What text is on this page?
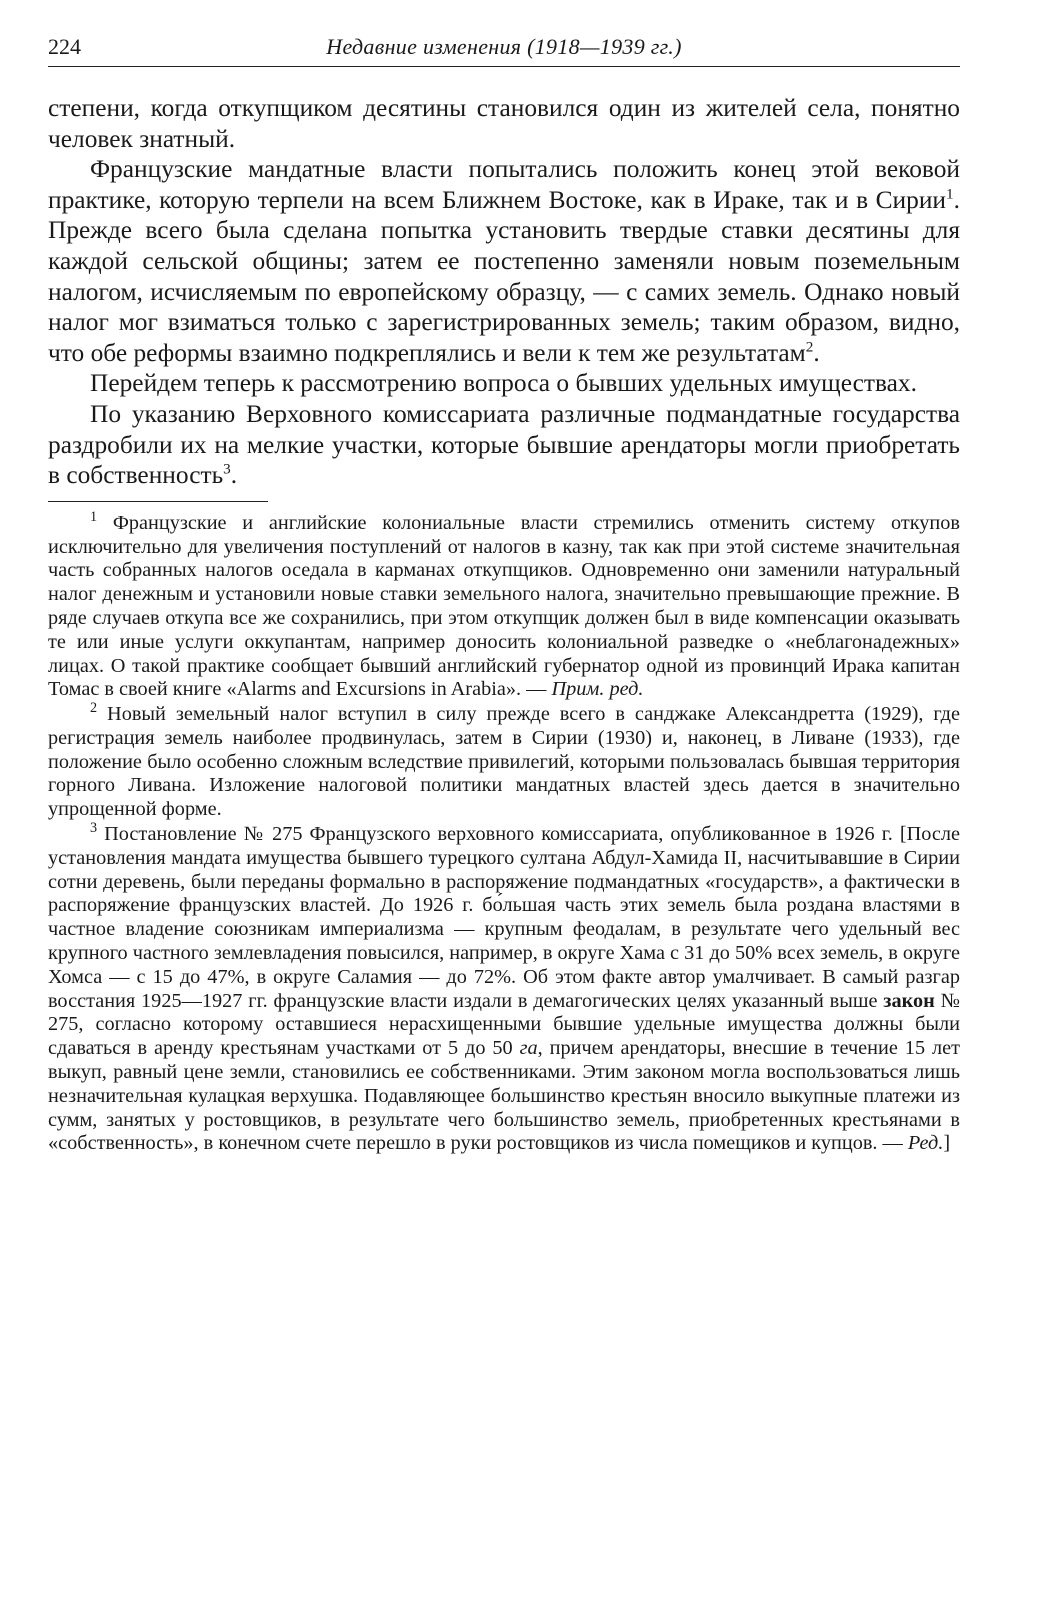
224	Недавние изменения (1918—1939 гг.)

степени, когда откупщиком десятины становился один из жителей села, понятно человек знатный.

Французские мандатные власти попытались положить конец этой вековой практике, которую терпели на всем Ближнем Востоке, как в Ираке, так и в Сирии$^1$. Прежде всего была сделана попытка установить твердые ставки десятины для каждой сельской общины; затем ее постепенно заменяли новым поземельным налогом, исчисляемым по европейскому образцу, — с самих земель. Однако новый налог мог взиматься только с зарегистрированных земель; таким образом, видно, что обе реформы взаимно подкреплялись и вели к тем же результатам$^2$.

Перейдем теперь к рассмотрению вопроса о бывших удельных имуществах.

По указанию Верховного комиссариата различные подмандатные государства раздробили их на мелкие участки, которые бывшие арендаторы могли приобретать в собственность$^3$.

$^1$ Французские и английские колониальные власти стремились отменить систему откупов исключительно для увеличения поступлений от налогов в казну, так как при этой системе значительная часть собранных налогов оседала в карманах откупщиков. Одновременно они заменили натуральный налог денежным и установили новые ставки земельного налога, значительно превышающие прежние. В ряде случаев откупа все же сохранились, при этом откупщик должен был в виде компенсации оказывать те или иные услуги оккупантам, например доносить колониальной разведке о «неблагонадежных» лицах. О такой практике сообщает бывший английский губернатор одной из провинций Ирака капитан Томас в своей книге «Alarms and Excursions in Arabia». — Прим. ред.

$^2$ Новый земельный налог вступил в силу прежде всего в санджаке Александретта (1929), где регистрация земель наиболее продвинулась, затем в Сирии (1930) и, наконец, в Ливане (1933), где положение было особенно сложным вследствие привилегий, которыми пользовалась бывшая территория горного Ливана. Изложение налоговой политики мандатных властей здесь дается в значительно упрощенной форме.

$^3$ Постановление № 275 Французского верховного комиссариата, опубликованное в 1926 г. [После установления мандата имущества бывшего турецкого султана Абдул-Хамида II, насчитывавшие в Сирии сотни деревень, были переданы формально в распоряжение подмандатных «государств», а фактически в распоряжение французских властей. До 1926 г. бо́льшая часть этих земель была роздана властями в частное владение союзникам империализма — крупным феодалам, в результате чего удельный вес крупного частного землевладения повысился, например, в округе Хама с 31 до 50% всех земель, в округе Хомса — с 15 до 47%, в округе Саламия — до 72%. Об этом факте автор умалчивает. В самый разгар восстания 1925—1927 гг. французские власти издали в демагогических целях указанный выше закон № 275, согласно которому оставшиеся нерасхищенными бывшие удельные имущества должны были сдаваться в аренду крестьянам участками от 5 до 50 га, причем арендаторы, внесшие в течение 15 лет выкуп, равный цене земли, становились ее собственниками. Этим законом могла воспользоваться лишь незначительная кулацкая верхушка. Подавляющее большинство крестьян вносило выкупные платежи из сумм, занятых у ростовщиков, в результате чего большинство земель, приобретенных крестьянами в «собственность», в конечном счете перешло в руки ростовщиков из числа помещиков и купцов. — Ред.]
